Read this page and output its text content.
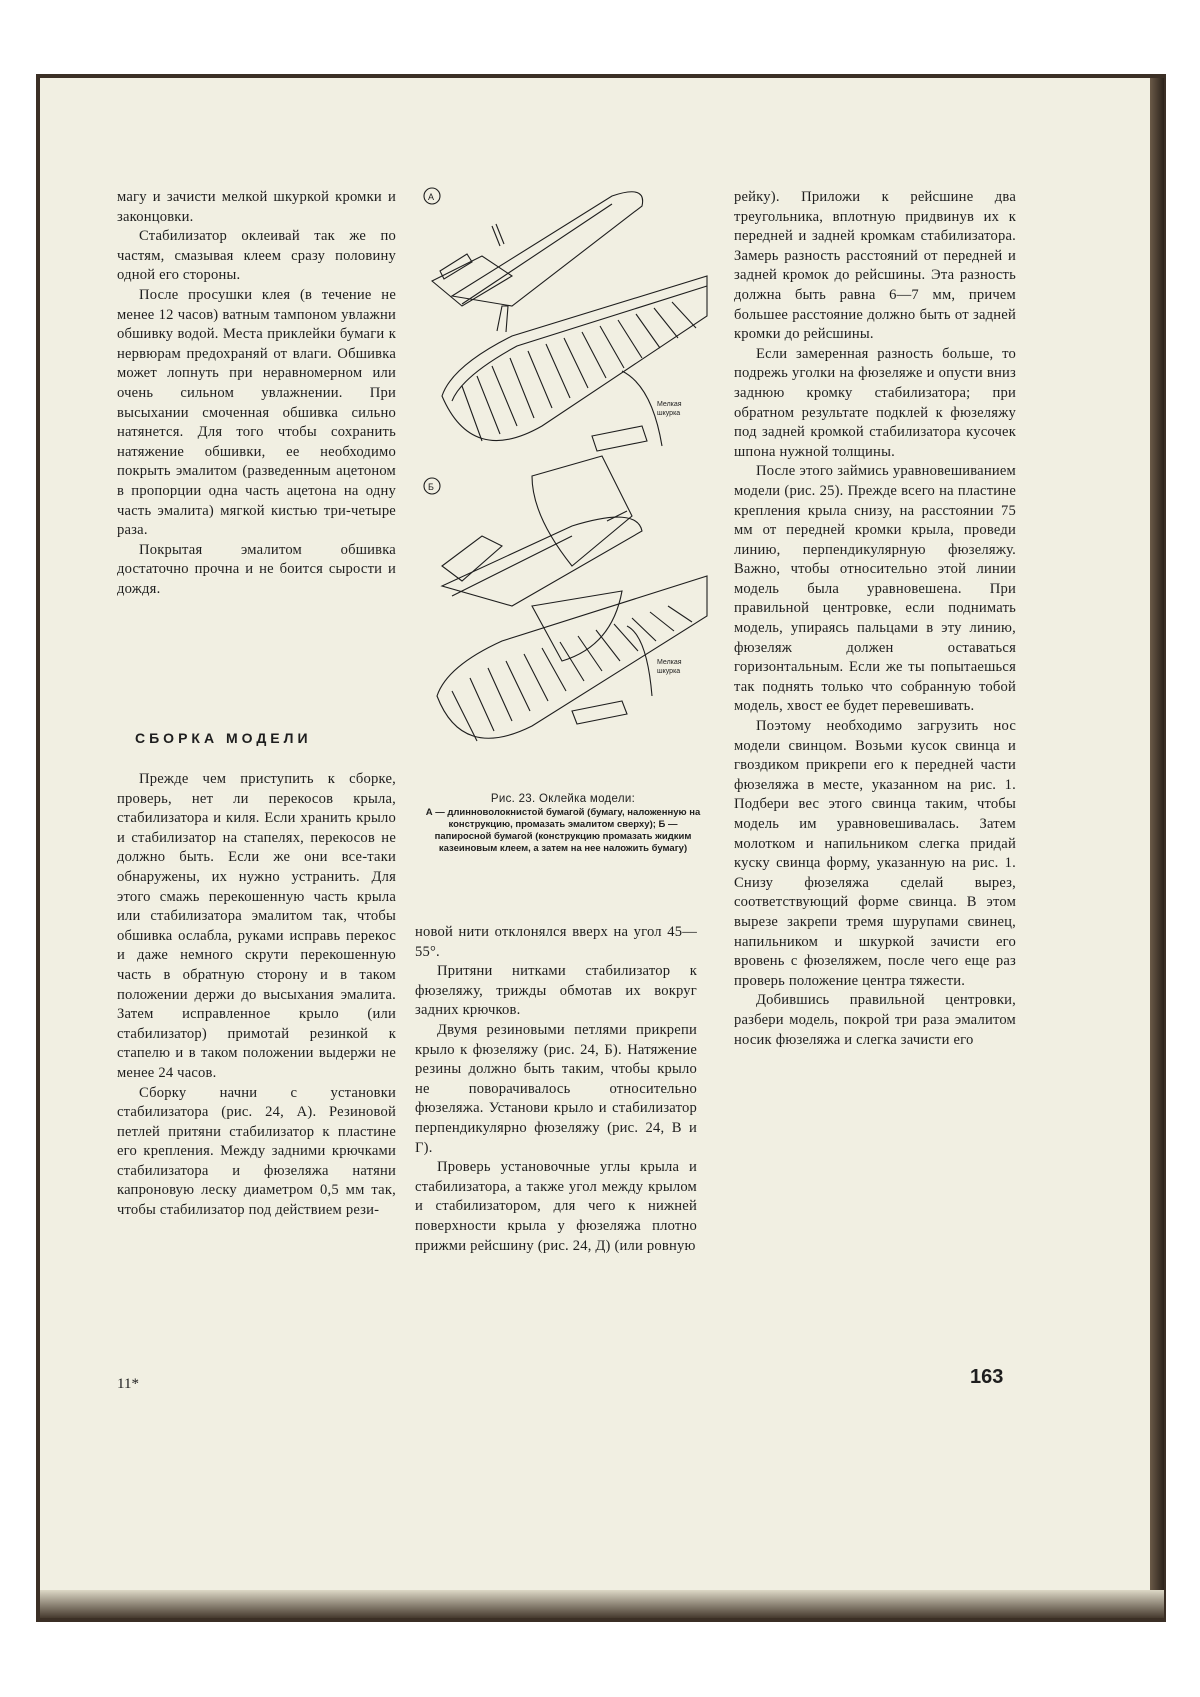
магу и зачисти мелкой шкуркой кромки и законцовки.

Стабилизатор оклеивай так же по частям, смазывая клеем сразу половину одной его стороны.

После просушки клея (в течение не менее 12 часов) ватным тампоном увлажни обшивку водой. Места приклейки бумаги к нервюрам предохраняй от влаги. Обшивка может лопнуть при неравномерном или очень сильном увлажнении. При высыхании смоченная обшивка сильно натянется. Для того чтобы сохранить натяжение обшивки, ее необходимо покрыть эмалитом (разведенным ацетоном в пропорции одна часть ацетона на одну часть эмалита) мягкой кистью три-четыре раза.

Покрытая эмалитом обшивка достаточно прочна и не боится сырости и дождя.

СБОРКА МОДЕЛИ

Прежде чем приступить к сборке, проверь, нет ли перекосов крыла, стабилизатора и киля. Если хранить крыло и стабилизатор на стапелях, перекосов не должно быть. Если же они все-таки обнаружены, их нужно устранить. Для этого смажь перекошенную часть крыла или стабилизатора эмалитом так, чтобы обшивка ослабла, руками исправь перекос и даже немного скрути перекошенную часть в обратную сторону и в таком положении держи до высыхания эмалита. Затем исправленное крыло (или стабилизатор) примотай резинкой к стапелю и в таком положении выдержи не менее 24 часов.

Сборку начни с установки стабилизатора (рис. 24, А). Резиновой петлей притяни стабилизатор к пластине его крепления. Между задними крючками стабилизатора и фюзеляжа натяни капроновую леску диаметром 0,5 мм так, чтобы стабилизатор под действием рези-

А
Б
Мелкая
шкурка
Мелкая
шкурка
Рис. 23. Оклейка модели:
А — длинноволокнистой бумагой (бумагу, наложенную на конструкцию, промазать эмалитом сверху); Б — папиросной бумагой (конструкцию промазать жидким казеиновым клеем, а затем на нее наложить бумагу)

новой нити отклонялся вверх на угол 45—55°.

Притяни нитками стабилизатор к фюзеляжу, трижды обмотав их вокруг задних крючков.

Двумя резиновыми петлями прикрепи крыло к фюзеляжу (рис. 24, Б). Натяжение резины должно быть таким, чтобы крыло не поворачивалось относительно фюзеляжа. Установи крыло и стабилизатор перпендикулярно фюзеляжу (рис. 24, В и Г).

Проверь установочные углы крыла и стабилизатора, а также угол между крылом и стабилизатором, для чего к нижней поверхности крыла у фюзеляжа плотно прижми рейсшину (рис. 24, Д) (или ровную

рейку). Приложи к рейсшине два треугольника, вплотную придвинув их к передней и задней кромкам стабилизатора. Замерь разность расстояний от передней и задней кромок до рейсшины. Эта разность должна быть равна 6—7 мм, причем большее расстояние должно быть от задней кромки до рейсшины.

Если замеренная разность больше, то подрежь уголки на фюзеляже и опусти вниз заднюю кромку стабилизатора; при обратном результате подклей к фюзеляжу под задней кромкой стабилизатора кусочек шпона нужной толщины.

После этого займись уравновешиванием модели (рис. 25). Прежде всего на пластине крепления крыла снизу, на расстоянии 75 мм от передней кромки крыла, проведи линию, перпендикулярную фюзеляжу. Важно, чтобы относительно этой линии модель была уравновешена. При правильной центровке, если поднимать модель, упираясь пальцами в эту линию, фюзеляж должен оставаться горизонтальным. Если же ты попытаешься так поднять только что собранную тобой модель, хвост ее будет перевешивать.

Поэтому необходимо загрузить нос модели свинцом. Возьми кусок свинца и гвоздиком прикрепи его к передней части фюзеляжа в месте, указанном на рис. 1. Подбери вес этого свинца таким, чтобы модель им уравновешивалась. Затем молотком и напильником слегка придай куску свинца форму, указанную на рис. 1. Снизу фюзеляжа сделай вырез, соответствующий форме свинца. В этом вырезе закрепи тремя шурупами свинец, напильником и шкуркой зачисти его вровень с фюзеляжем, после чего еще раз проверь положение центра тяжести.

Добившись правильной центровки, разбери модель, покрой три раза эмалитом носик фюзеляжа и слегка зачисти его

11*	163
